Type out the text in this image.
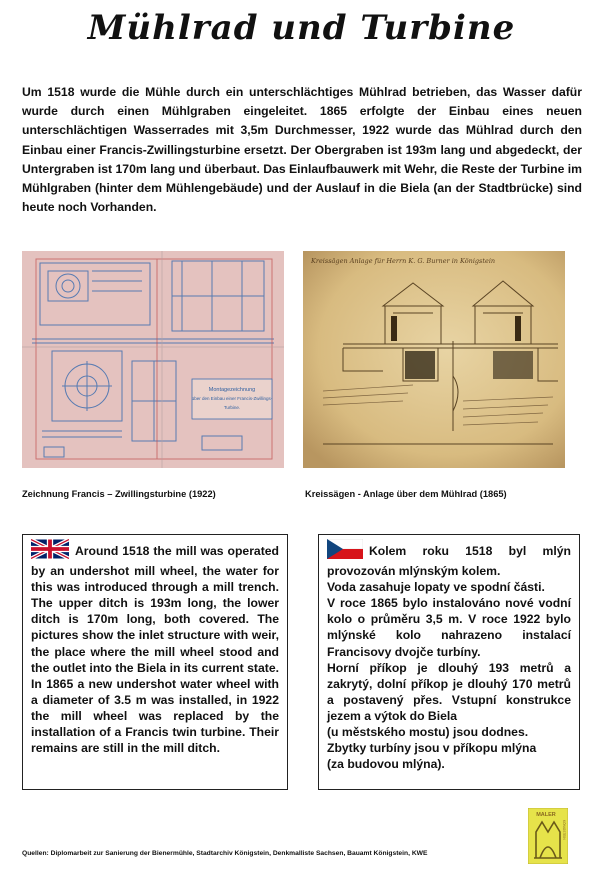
Mühlrad und Turbine
Um 1518 wurde die Mühle durch ein unterschlächtiges Mühlrad betrieben, das Wasser dafür wurde durch einen Mühlgraben eingeleitet. 1865 erfolgte der Einbau eines neuen unterschlächtigen Wasserrades mit 3,5m Durchmesser, 1922 wurde das Mühlrad durch den Einbau einer Francis-Zwillingsturbine ersetzt. Der Obergraben ist 193m lang und abgedeckt, der Untergraben ist 170m lang und überbaut. Das Einlaufbauwerk mit Wehr, die Reste der Turbine im Mühlgraben (hinter dem Mühlengebäude) und der Auslauf in die Biela (an der Stadtbrücke) sind heute noch Vorhanden.
Montagezeichnung
über den Einbau einer Francis-Zwillings-
Turbine.
Kreissägen Anlage für Herrn K. G. Burner in Königstein
Zeichnung Francis – Zwillingsturbine (1922)	Kreissägen - Anlage über dem Mühlrad (1865)
Around 1518 the mill was operated by an undershot mill wheel, the water for this was introduced through a mill trench. The upper ditch is 193m long, the lower ditch is 170m long, both covered. The pictures show the inlet structure with weir, the place where the mill wheel stood and the outlet into the Biela in its current state. In 1865 a new undershot water wheel with a diameter of 3.5 m was installed, in 1922 the mill wheel was replaced by the installation of a Francis twin turbine. Their remains are still in the mill ditch.
Kolem roku 1518 byl mlýn provozován mlýnským kolem.
Voda zasahuje lopaty ve spodní části.
V roce 1865 bylo instalováno nové vodní kolo o průměru 3,5 m. V roce 1922 bylo mlýnské kolo nahrazeno instalací Francisovy dvojče turbíny.
Horní příkop je dlouhý 193 metrů a zakrytý, dolní příkop je dlouhý 170 metrů a postavený přes. Vstupní konstrukce jezem a výtok do Biela
(u městského mostu) jsou dodnes.
Zbytky turbíny jsou v příkopu mlýna
(za budovou mlýna).
Quellen: Diplomarbeit zur Sanierung der Bienermühle, Stadtarchiv Königstein, Denkmalliste Sachsen, Bauamt Königstein, KWE
MALER
KÖNIGSTEIN
